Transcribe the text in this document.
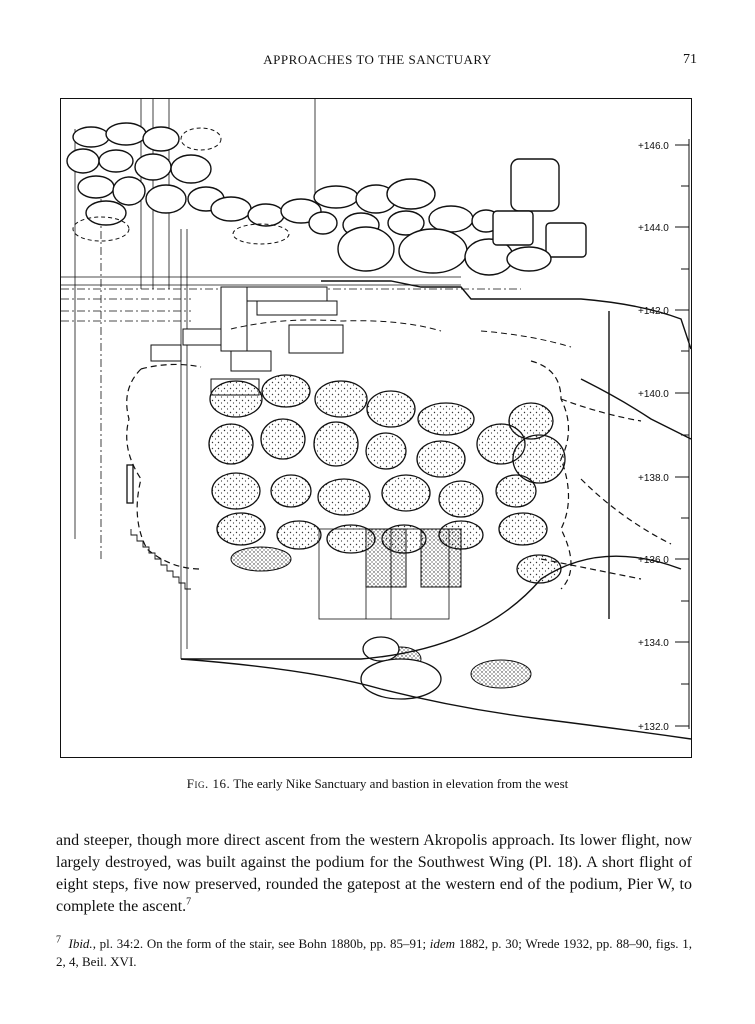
APPROACHES TO THE SANCTUARY	71
+146.0
+144.0
+142.0
+140.0
+138.0
+136.0
+134.0
+132.0
Fig. 16. The early Nike Sanctuary and bastion in elevation from the west
and steeper, though more direct ascent from the western Akropolis approach. Its lower flight, now largely destroyed, was built against the podium for the Southwest Wing (Pl. 18). A short flight of eight steps, five now preserved, rounded the gatepost at the western end of the podium, Pier W, to complete the ascent.$^7$
$^7$ Ibid., pl. 34:2. On the form of the stair, see Bohn 1880b, pp. 85–91; idem 1882, p. 30; Wrede 1932, pp. 88–90, figs. 1, 2, 4, Beil. XVI.
